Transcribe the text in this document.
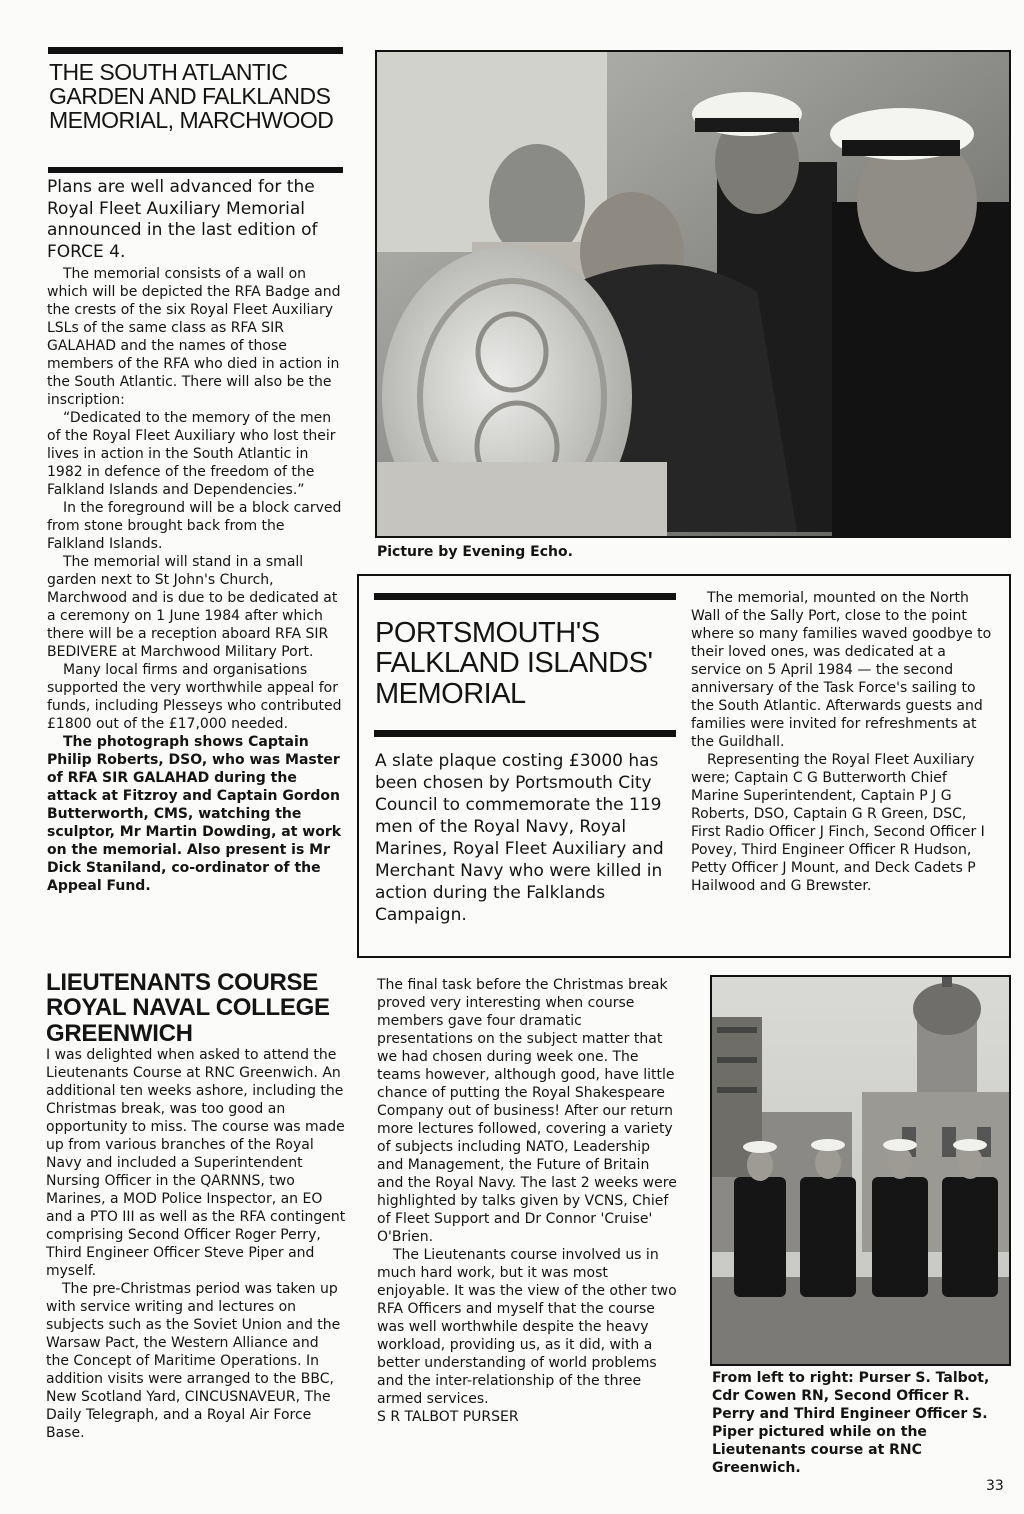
THE SOUTH ATLANTIC GARDEN AND FALKLANDS MEMORIAL, MARCHWOOD
Plans are well advanced for the Royal Fleet Auxiliary Memorial announced in the last edition of FORCE 4.

The memorial consists of a wall on which will be depicted the RFA Badge and the crests of the six Royal Fleet Auxiliary LSLs of the same class as RFA SIR GALAHAD and the names of those members of the RFA who died in action in the South Atlantic. There will also be the inscription:

“Dedicated to the memory of the men of the Royal Fleet Auxiliary who lost their lives in action in the South Atlantic in 1982 in defence of the freedom of the Falkland Islands and Dependencies.”

In the foreground will be a block carved from stone brought back from the Falkland Islands.

The memorial will stand in a small garden next to St John's Church, Marchwood and is due to be dedicated at a ceremony on 1 June 1984 after which there will be a reception aboard RFA SIR BEDIVERE at Marchwood Military Port.

Many local firms and organisations supported the very worthwhile appeal for funds, including Plesseys who contributed £1800 out of the £17,000 needed.

The photograph shows Captain Philip Roberts, DSO, who was Master of RFA SIR GALAHAD during the attack at Fitzroy and Captain Gordon Butterworth, CMS, watching the sculptor, Mr Martin Dowding, at work on the memorial. Also present is Mr Dick Staniland, co-ordinator of the Appeal Fund.

Picture by Evening Echo.
PORTSMOUTH'S FALKLAND ISLANDS' MEMORIAL
A slate plaque costing £3000 has been chosen by Portsmouth City Council to commemorate the 119 men of the Royal Navy, Royal Marines, Royal Fleet Auxiliary and Merchant Navy who were killed in action during the Falklands Campaign.

The memorial, mounted on the North Wall of the Sally Port, close to the point where so many families waved goodbye to their loved ones, was dedicated at a service on 5 April 1984 — the second anniversary of the Task Force's sailing to the South Atlantic. Afterwards guests and families were invited for refreshments at the Guildhall.

Representing the Royal Fleet Auxiliary were; Captain C G Butterworth Chief Marine Superintendent, Captain P J G Roberts, DSO, Captain G R Green, DSC, First Radio Officer J Finch, Second Officer I Povey, Third Engineer Officer R Hudson, Petty Officer J Mount, and Deck Cadets P Hailwood and G Brewster.

LIEUTENANTS COURSE ROYAL NAVAL COLLEGE GREENWICH

I was delighted when asked to attend the Lieutenants Course at RNC Greenwich. An additional ten weeks ashore, including the Christmas break, was too good an opportunity to miss. The course was made up from various branches of the Royal Navy and included a Superintendent Nursing Officer in the QARNNS, two Marines, a MOD Police Inspector, an EO and a PTO III as well as the RFA contingent comprising Second Officer Roger Perry, Third Engineer Officer Steve Piper and myself.

The pre-Christmas period was taken up with service writing and lectures on subjects such as the Soviet Union and the Warsaw Pact, the Western Alliance and the Concept of Maritime Operations. In addition visits were arranged to the BBC, New Scotland Yard, CINCUSNAVEUR, The Daily Telegraph, and a Royal Air Force Base.

The final task before the Christmas break proved very interesting when course members gave four dramatic presentations on the subject matter that we had chosen during week one. The teams however, although good, have little chance of putting the Royal Shakespeare Company out of business! After our return more lectures followed, covering a variety of subjects including NATO, Leadership and Management, the Future of Britain and the Royal Navy. The last 2 weeks were highlighted by talks given by VCNS, Chief of Fleet Support and Dr Connor 'Cruise' O'Brien.

The Lieutenants course involved us in much hard work, but it was most enjoyable. It was the view of the other two RFA Officers and myself that the course was well worthwhile despite the heavy workload, providing us, as it did, with a better understanding of world problems and the inter-relationship of the three armed services.

S R TALBOT PURSER

From left to right: Purser S. Talbot, Cdr Cowen RN, Second Officer R. Perry and Third Engineer Officer S. Piper pictured while on the Lieutenants course at RNC Greenwich.
33
